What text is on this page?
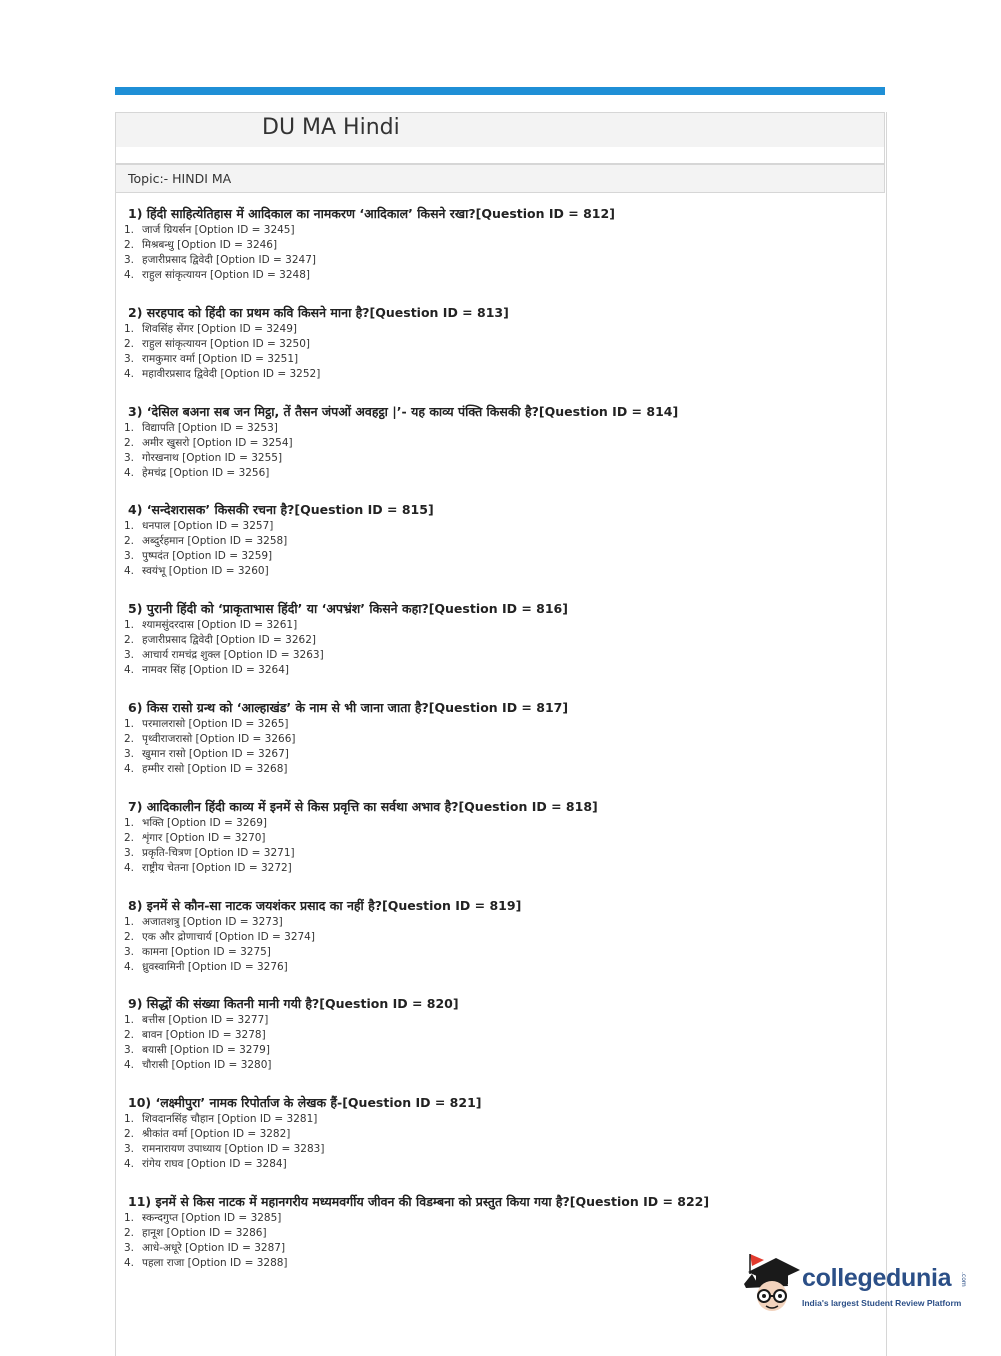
DU MA Hindi
Topic:- HINDI MA
1) हिंदी साहित्येतिहास में आदिकाल का नामकरण ‘आदिकाल’ किसने रखा?[Question ID = 812]
1. जार्ज ग्रियर्सन [Option ID = 3245]
2. मिश्रबन्धु [Option ID = 3246]
3. हजारीप्रसाद द्विवेदी [Option ID = 3247]
4. राहुल सांकृत्यायन [Option ID = 3248]
2) सरहपाद को हिंदी का प्रथम कवि किसने माना है?[Question ID = 813]
1. शिवसिंह सेंगर [Option ID = 3249]
2. राहुल सांकृत्यायन [Option ID = 3250]
3. रामकुमार वर्मा [Option ID = 3251]
4. महावीरप्रसाद द्विवेदी [Option ID = 3252]
3) ‘देसिल बअना सब जन मिट्ठा, तें तैसन जंपओं अवहट्ठा |’- यह काव्य पंक्ति किसकी है?[Question ID = 814]
1. विद्यापति [Option ID = 3253]
2. अमीर खुसरो [Option ID = 3254]
3. गोरखनाथ [Option ID = 3255]
4. हेमचंद्र [Option ID = 3256]
4) ‘सन्देशरासक’ किसकी रचना है?[Question ID = 815]
1. धनपाल [Option ID = 3257]
2. अब्दुर्रहमान [Option ID = 3258]
3. पुष्पदंत [Option ID = 3259]
4. स्वयंभू [Option ID = 3260]
5) पुरानी हिंदी को ‘प्राकृताभास हिंदी’ या ‘अपभ्रंश’ किसने कहा?[Question ID = 816]
1. श्यामसुंदरदास [Option ID = 3261]
2. हजारीप्रसाद द्विवेदी [Option ID = 3262]
3. आचार्य रामचंद्र शुक्ल [Option ID = 3263]
4. नामवर सिंह [Option ID = 3264]
6) किस रासो ग्रन्थ को ‘आल्हाखंड’ के नाम से भी जाना जाता है?[Question ID = 817]
1. परमालरासो [Option ID = 3265]
2. पृथ्वीराजरासो [Option ID = 3266]
3. खुमान रासो [Option ID = 3267]
4. हम्मीर रासो [Option ID = 3268]
7) आदिकालीन हिंदी काव्य में इनमें से किस प्रवृत्ति का सर्वथा अभाव है?[Question ID = 818]
1. भक्ति [Option ID = 3269]
2. शृंगार [Option ID = 3270]
3. प्रकृति-चित्रण [Option ID = 3271]
4. राष्ट्रीय चेतना [Option ID = 3272]
8) इनमें से कौन-सा नाटक जयशंकर प्रसाद का नहीं है?[Question ID = 819]
1. अजातशत्रु [Option ID = 3273]
2. एक और द्रोणाचार्य [Option ID = 3274]
3. कामना [Option ID = 3275]
4. ध्रुवस्वामिनी [Option ID = 3276]
9) सिद्धों की संख्या कितनी मानी गयी है?[Question ID = 820]
1. बत्तीस [Option ID = 3277]
2. बावन [Option ID = 3278]
3. बयासी [Option ID = 3279]
4. चौरासी [Option ID = 3280]
10) ‘लक्ष्मीपुरा’ नामक रिपोर्ताज के लेखक हैं-[Question ID = 821]
1. शिवदानसिंह चौहान [Option ID = 3281]
2. श्रीकांत वर्मा [Option ID = 3282]
3. रामनारायण उपाध्याय [Option ID = 3283]
4. रांगेय राघव [Option ID = 3284]
11) इनमें से किस नाटक में महानगरीय मध्यमवर्गीय जीवन की विडम्बना को प्रस्तुत किया गया है?[Question ID = 822]
1. स्कन्दगुप्त [Option ID = 3285]
2. हानूश [Option ID = 3286]
3. आधे-अधूरे [Option ID = 3287]
4. पहला राजा [Option ID = 3288]
collegedunia .com
India's largest Student Review Platform
